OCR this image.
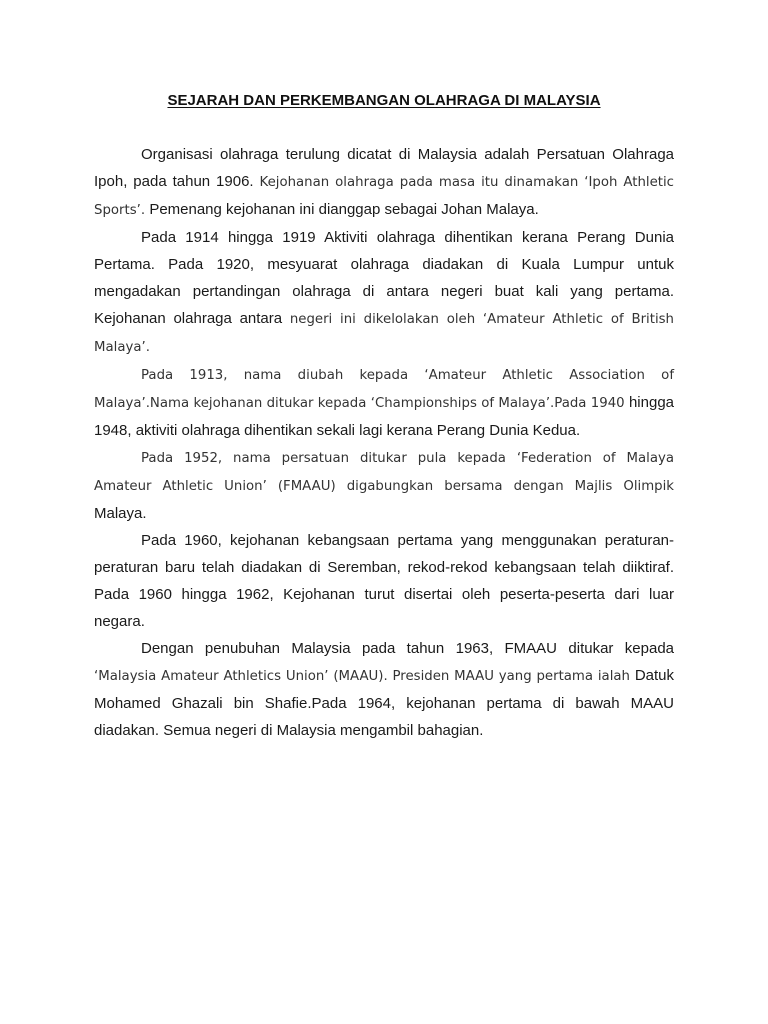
SEJARAH DAN PERKEMBANGAN OLAHRAGA DI MALAYSIA

Organisasi olahraga terulung dicatat di Malaysia adalah Persatuan Olahraga Ipoh, pada tahun 1906. Kejohanan olahraga pada masa itu dinamakan ‘Ipoh Athletic Sports’. Pemenang kejohanan ini dianggap sebagai Johan Malaya.

Pada 1914 hingga 1919 Aktiviti olahraga dihentikan kerana Perang Dunia Pertama. Pada 1920, mesyuarat olahraga diadakan di Kuala Lumpur untuk mengadakan pertandingan olahraga di antara negeri buat kali yang pertama. Kejohanan olahraga antara negeri ini dikelolakan oleh ‘Amateur Athletic of British Malaya’.

Pada 1913, nama diubah kepada ‘Amateur Athletic Association of Malaya’.Nama kejohanan ditukar kepada ‘Championships of Malaya’.Pada 1940 hingga 1948, aktiviti olahraga dihentikan sekali lagi kerana Perang Dunia Kedua.

Pada 1952, nama persatuan ditukar pula kepada ‘Federation of Malaya Amateur Athletic Union’ (FMAAU) digabungkan bersama dengan Majlis Olimpik Malaya.

Pada 1960, kejohanan kebangsaan pertama yang menggunakan peraturan-peraturan baru telah diadakan di Seremban, rekod-rekod kebangsaan telah diiktiraf. Pada 1960 hingga 1962, Kejohanan turut disertai oleh peserta-peserta dari luar negara.

Dengan penubuhan Malaysia pada tahun 1963, FMAAU ditukar kepada ‘Malaysia Amateur Athletics Union’ (MAAU). Presiden MAAU yang pertama ialah Datuk Mohamed Ghazali bin Shafie.Pada 1964, kejohanan pertama di bawah MAAU diadakan. Semua negeri di Malaysia mengambil bahagian.
